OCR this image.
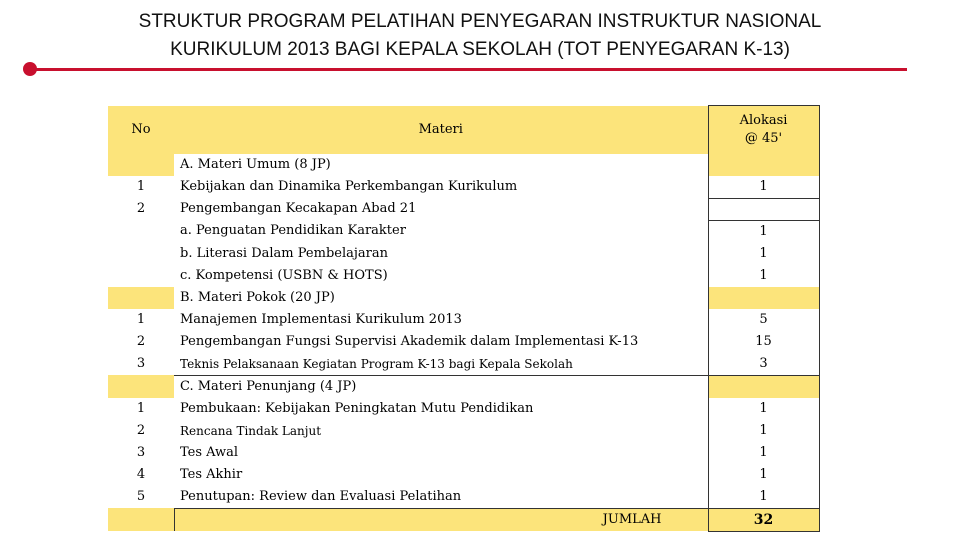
STRUKTUR PROGRAM PELATIHAN PENYEGARAN INSTRUKTUR NASIONAL
KURIKULUM 2013 BAGI KEPALA SEKOLAH (TOT PENYEGARAN K-13)
No	Materi	Alokasi
@ 45'
	A. Materi Umum (8 JP)	
1	Kebijakan dan Dinamika Perkembangan Kurikulum	1
2	Pengembangan Kecakapan Abad 21	
	a. Penguatan Pendidikan Karakter	1
	b. Literasi Dalam Pembelajaran	1
	c. Kompetensi (USBN & HOTS)	1
	B. Materi Pokok (20 JP)	
1	Manajemen Implementasi Kurikulum 2013	5
2	Pengembangan Fungsi Supervisi Akademik dalam Implementasi K-13	15
3	Teknis Pelaksanaan Kegiatan Program K-13 bagi Kepala Sekolah	3
	C. Materi Penunjang (4 JP)	
1	Pembukaan: Kebijakan Peningkatan Mutu Pendidikan	1
2	Rencana Tindak Lanjut	1
3	Tes Awal	1
4	Tes Akhir	1
5	Penutupan: Review dan Evaluasi Pelatihan	1
	JUMLAH	32
